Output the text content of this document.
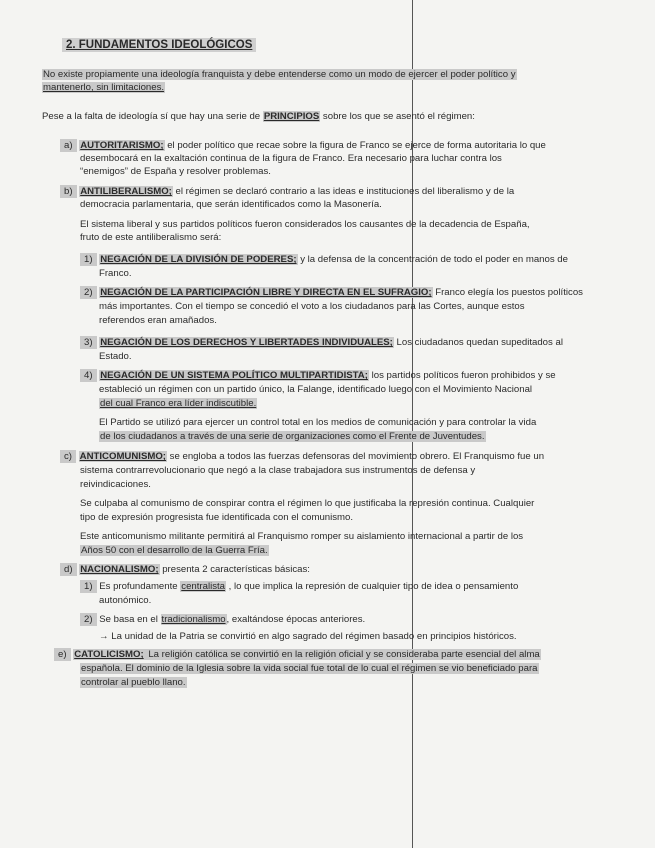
2. FUNDAMENTOS IDEOLÓGICOS
No existe propiamente una ideología franquista y debe entenderse como un modo de ejercer el poder político y
mantenerlo, sin limitaciones.
Pese a la falta de ideología sí que hay una serie de PRINCIPIOS sobre los que se asentó el régimen:
a) AUTORITARISMO; el poder político que recae sobre la figura de Franco se ejerce de forma autoritaria lo que
desembocará en la exaltación continua de la figura de Franco. Era necesario para luchar contra los
“enemigos” de España y resolver problemas.
b) ANTILIBERALISMO; el régimen se declaró contrario a las ideas e instituciones del liberalismo y de la
democracia parlamentaria, que serán identificados como la Masonería.
El sistema liberal y sus partidos políticos fueron considerados los causantes de la decadencia de España,
fruto de este antiliberalismo será:
1) NEGACIÓN DE LA DIVISIÓN DE PODERES; y la defensa de la concentración de todo el poder en manos de
Franco.
2) NEGACIÓN DE LA PARTICIPACIÓN LIBRE Y DIRECTA EN EL SUFRAGIO; Franco elegía los puestos políticos
más importantes. Con el tiempo se concedió el voto a los ciudadanos para las Cortes, aunque estos
referendos eran amañados.
3) NEGACIÓN DE LOS DERECHOS Y LIBERTADES INDIVIDUALES; Los ciudadanos quedan supeditados al
Estado.
4) NEGACIÓN DE UN SISTEMA POLÍTICO MULTIPARTIDISTA; los partidos políticos fueron prohibidos y se
estableció un régimen con un partido único, la Falange, identificado luego con el Movimiento Nacional
del cual Franco era líder indiscutible.
El Partido se utilizó para ejercer un control total en los medios de comunicación y para controlar la vida
de los ciudadanos a través de una serie de organizaciones como el Frente de Juventudes.
c) ANTICOMUNISMO; se engloba a todos las fuerzas defensoras del movimiento obrero. El Franquismo fue un
sistema contrarrevolucionario que negó a la clase trabajadora sus instrumentos de defensa y
reivindicaciones.
Se culpaba al comunismo de conspirar contra el régimen lo que justificaba la represión continua. Cualquier
tipo de expresión progresista fue identificada con el comunismo.
Este anticomunismo militante permitirá al Franquismo romper su aislamiento internacional a partir de los
Años 50 con el desarrollo de la Guerra Fría.
d) NACIONALISMO; presenta 2 características básicas:
1) Es profundamente centralista , lo que implica la represión de cualquier tipo de idea o pensamiento
autonómico.
2) Se basa en el tradicionalismo, exaltándose épocas anteriores.
→ La unidad de la Patria se convirtió en algo sagrado del régimen basado en principios históricos.
e) CATOLICISMO; La religión católica se convirtió en la religión oficial y se consideraba parte esencial del alma
española. El dominio de la Iglesia sobre la vida social fue total de lo cual el régimen se vio beneficiado para
controlar al pueblo llano.
